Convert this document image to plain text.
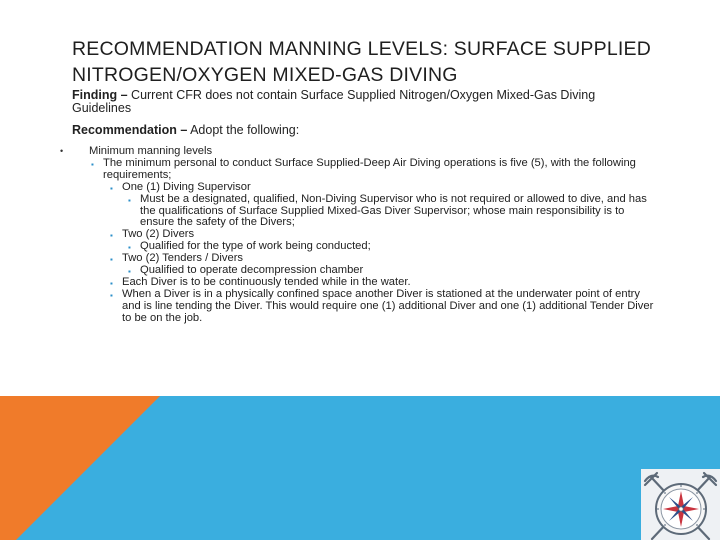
RECOMMENDATION MANNING LEVELS: SURFACE SUPPLIED
NITROGEN/OXYGEN MIXED-GAS DIVING
Finding – Current CFR does not contain Surface Supplied Nitrogen/Oxygen Mixed-Gas Diving Guidelines
Recommendation – Adopt the following:
• Minimum manning levels
▪ The minimum personal to conduct Surface Supplied-Deep Air Diving operations is five (5), with the following requirements;
▪ One (1) Diving Supervisor
▪ Must be a designated, qualified, Non-Diving Supervisor who is not required or allowed to dive, and has the qualifications of Surface Supplied Mixed-Gas Diver Supervisor; whose main responsibility is to ensure the safety of the Divers;
▪ Two (2) Divers
▪ Qualified for the type of work being conducted;
▪ Two (2) Tenders / Divers
▪ Qualified to operate decompression chamber
▪ Each Diver is to be continuously tended while in the water.
▪ When a Diver is in a physically confined space another Diver is stationed at the underwater point of entry and is line tending the Diver. This would require one (1) additional Diver and one (1) additional Tender Diver to be on the job.
